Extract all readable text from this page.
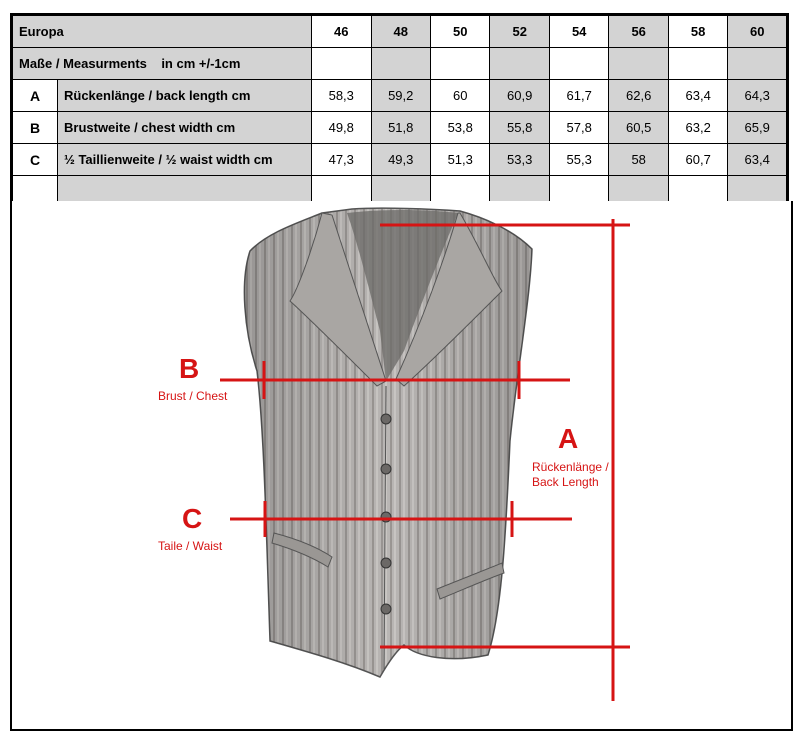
Europa		46	48	50	52	54	56	58	60
Maße / Measurments    in cm +/-1cm									
A	Rückenlänge / back length cm	58,3	59,2	60	60,9	61,7	62,6	63,4	64,3
B	Brustweite / chest width cm	49,8	51,8	53,8	55,8	57,8	60,5	63,2	65,9
C	½ Taillienweite / ½ waist width cm	47,3	49,3	51,3	53,3	55,3	58	60,7	63,4

B
Brust / Chest
C
Taile / Waist
A
Rückenlänge /
Back Length
